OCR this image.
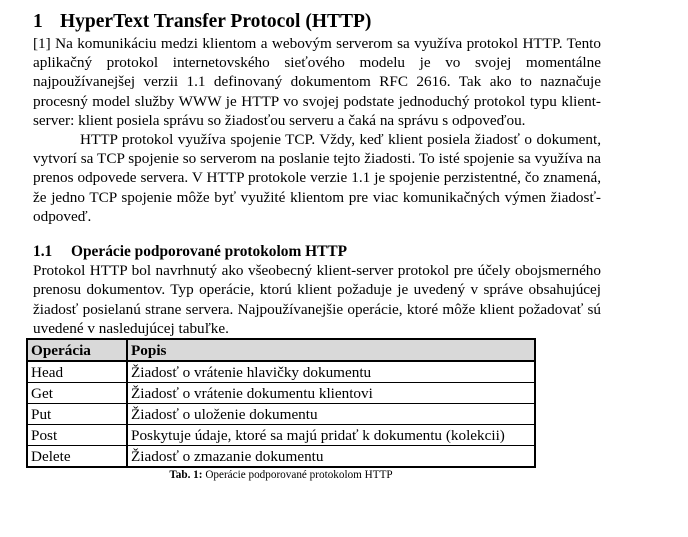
1 HyperText Transfer Protocol (HTTP)

[1] Na komunikáciu medzi klientom a webovým serverom sa využíva protokol HTTP. Tento aplikačný protokol internetovského sieťového modelu je vo svojej momentálne najpoužívanejšej verzii 1.1 definovaný dokumentom RFC 2616. Tak ako to naznačuje procesný model služby WWW je HTTP vo svojej podstate jednoduchý protokol typu klient-server: klient posiela správu so žiadosťou serveru a čaká na správu s odpoveďou.

HTTP protokol využíva spojenie TCP. Vždy, keď klient posiela žiadosť o dokument, vytvorí sa TCP spojenie so serverom na poslanie tejto žiadosti. To isté spojenie sa využíva na prenos odpovede servera. V HTTP protokole verzie 1.1 je spojenie perzistentné, čo znamená, že jedno TCP spojenie môže byť využité klientom pre viac komunikačných výmen žiadosť-odpoveď.

1.1 Operácie podporované protokolom HTTP

Protokol HTTP bol navrhnutý ako všeobecný klient-server protokol pre účely obojsmerného prenosu dokumentov. Typ operácie, ktorú klient požaduje je uvedený v správe obsahujúcej žiadosť posielanú strane servera. Najpoužívanejšie operácie, ktoré môže klient požadovať sú uvedené v nasledujúcej tabuľke.

Operácia	Popis
Head	Žiadosť o vrátenie hlavičky dokumentu
Get	Žiadosť o vrátenie dokumentu klientovi
Put	Žiadosť o uloženie dokumentu
Post	Poskytuje údaje, ktoré sa majú pridať k dokumentu (kolekcii)
Delete	Žiadosť o zmazanie dokumentu
Tab. 1: Operácie podporované protokolom HTTP
